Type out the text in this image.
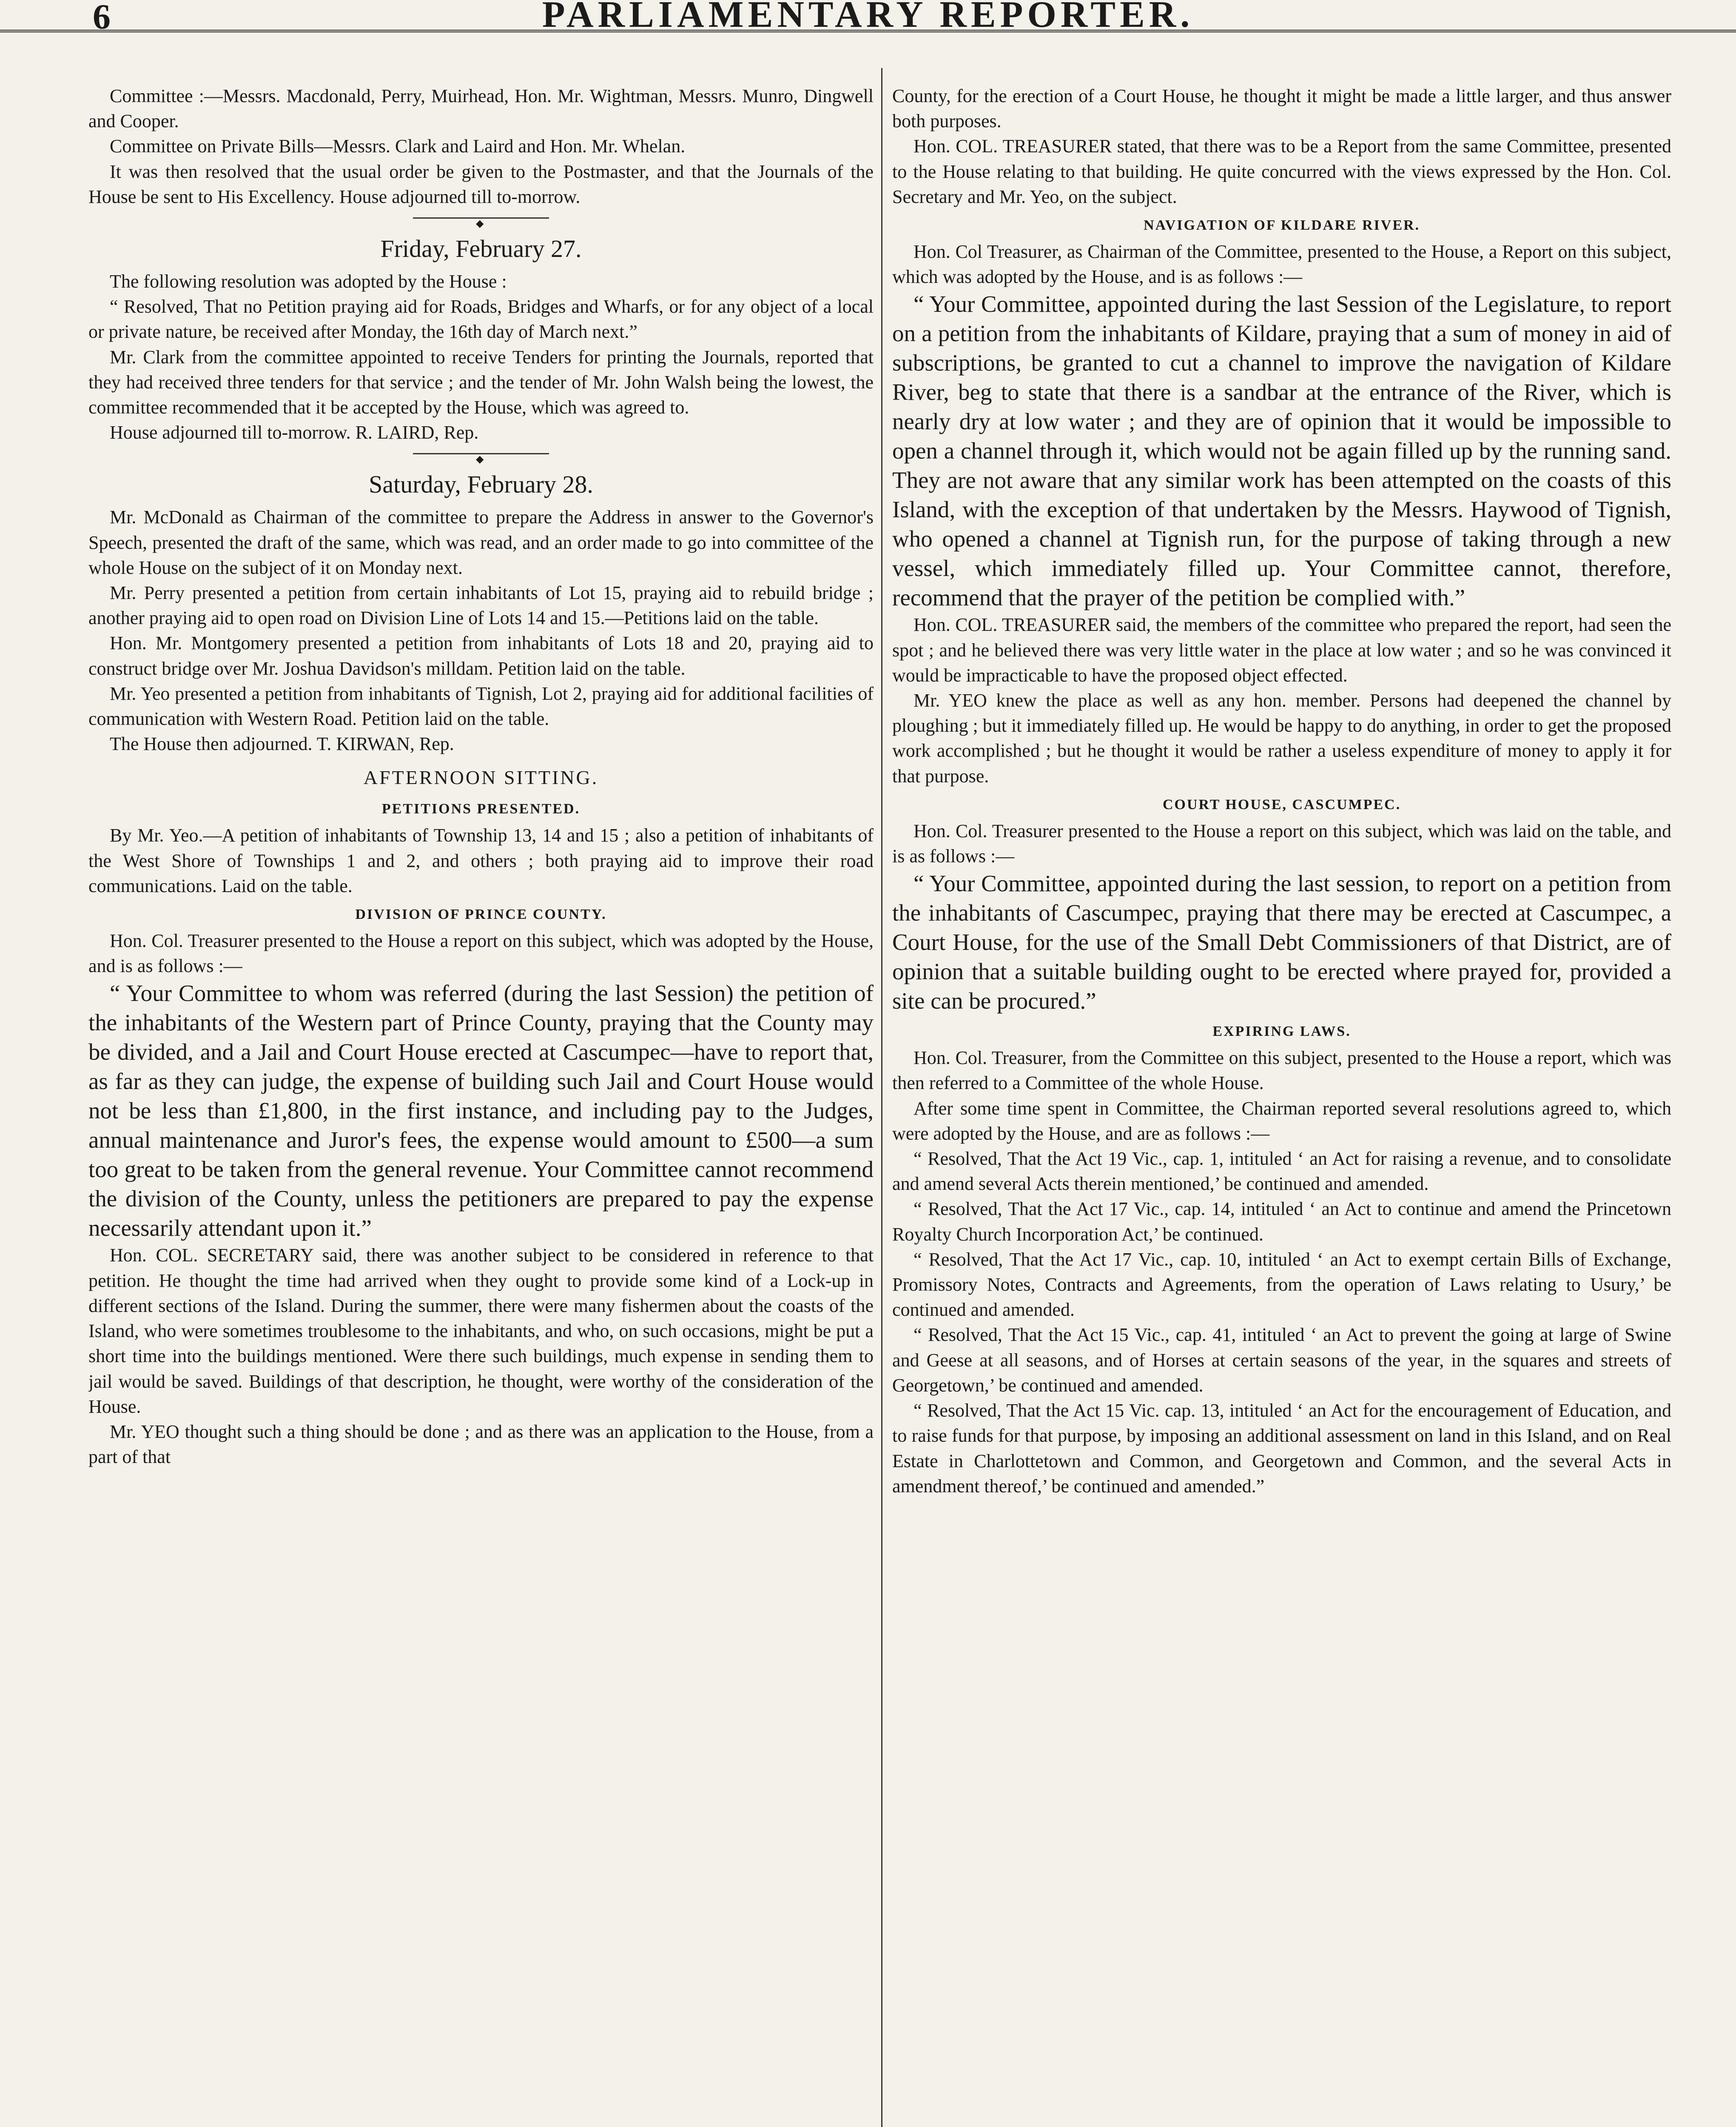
6	PARLIAMENTARY REPORTER.

Committee :—Messrs. Macdonald, Perry, Muirhead, Hon. Mr. Wightman, Messrs. Munro, Dingwell and Cooper.

Committee on Private Bills—Messrs. Clark and Laird and Hon. Mr. Whelan.

It was then resolved that the usual order be given to the Postmaster, and that the Journals of the House be sent to His Excellency. House adjourned till to-morrow.

◆
Friday, February 27.

The following resolution was adopted by the House :

“ Resolved, That no Petition praying aid for Roads, Bridges and Wharfs, or for any object of a local or private nature, be received after Monday, the 16th day of March next.”

Mr. Clark from the committee appointed to receive Tenders for printing the Journals, reported that they had received three tenders for that service ; and the tender of Mr. John Walsh being the lowest, the committee recommended that it be accepted by the House, which was agreed to.

House adjourned till to-morrow. R. LAIRD, Rep.

◆
Saturday, February 28.

Mr. McDonald as Chairman of the committee to prepare the Address in answer to the Governor's Speech, presented the draft of the same, which was read, and an order made to go into committee of the whole House on the subject of it on Monday next.

Mr. Perry presented a petition from certain inhabitants of Lot 15, praying aid to rebuild bridge ; another praying aid to open road on Division Line of Lots 14 and 15.—Petitions laid on the table.

Hon. Mr. Montgomery presented a petition from inhabitants of Lots 18 and 20, praying aid to construct bridge over Mr. Joshua Davidson's milldam. Petition laid on the table.

Mr. Yeo presented a petition from inhabitants of Tignish, Lot 2, praying aid for additional facilities of communication with Western Road. Petition laid on the table.

The House then adjourned. T. KIRWAN, Rep.

AFTERNOON SITTING.
PETITIONS PRESENTED.

By Mr. Yeo.—A petition of inhabitants of Township 13, 14 and 15 ; also a petition of inhabitants of the West Shore of Townships 1 and 2, and others ; both praying aid to improve their road communications. Laid on the table.

DIVISION OF PRINCE COUNTY.

Hon. Col. Treasurer presented to the House a report on this subject, which was adopted by the House, and is as follows :—

“ Your Committee to whom was referred (during the last Session) the petition of the inhabitants of the Western part of Prince County, praying that the County may be divided, and a Jail and Court House erected at Cascumpec—have to report that, as far as they can judge, the expense of building such Jail and Court House would not be less than £1,800, in the first instance, and including pay to the Judges, annual maintenance and Juror's fees, the expense would amount to £500—a sum too great to be taken from the general revenue. Your Committee cannot recommend the division of the County, unless the petitioners are prepared to pay the expense necessarily attendant upon it.”

Hon. COL. SECRETARY said, there was another subject to be considered in reference to that petition. He thought the time had arrived when they ought to provide some kind of a Lock-up in different sections of the Island. During the summer, there were many fishermen about the coasts of the Island, who were sometimes troublesome to the inhabitants, and who, on such occasions, might be put a short time into the buildings mentioned. Were there such buildings, much expense in sending them to jail would be saved. Buildings of that description, he thought, were worthy of the consideration of the House.

Mr. YEO thought such a thing should be done ; and as there was an application to the House, from a part of that

County, for the erection of a Court House, he thought it might be made a little larger, and thus answer both purposes.

Hon. COL. TREASURER stated, that there was to be a Report from the same Committee, presented to the House relating to that building. He quite concurred with the views expressed by the Hon. Col. Secretary and Mr. Yeo, on the subject.

NAVIGATION OF KILDARE RIVER.

Hon. Col Treasurer, as Chairman of the Committee, presented to the House, a Report on this subject, which was adopted by the House, and is as follows :—

“ Your Committee, appointed during the last Session of the Legislature, to report on a petition from the inhabitants of Kildare, praying that a sum of money in aid of subscriptions, be granted to cut a channel to improve the navigation of Kildare River, beg to state that there is a sandbar at the entrance of the River, which is nearly dry at low water ; and they are of opinion that it would be impossible to open a channel through it, which would not be again filled up by the running sand. They are not aware that any similar work has been attempted on the coasts of this Island, with the exception of that undertaken by the Messrs. Haywood of Tignish, who opened a channel at Tignish run, for the purpose of taking through a new vessel, which immediately filled up. Your Committee cannot, therefore, recommend that the prayer of the petition be complied with.”

Hon. COL. TREASURER said, the members of the committee who prepared the report, had seen the spot ; and he believed there was very little water in the place at low water ; and so he was convinced it would be impracticable to have the proposed object effected.

Mr. YEO knew the place as well as any hon. member. Persons had deepened the channel by ploughing ; but it immediately filled up. He would be happy to do anything, in order to get the proposed work accomplished ; but he thought it would be rather a useless expenditure of money to apply it for that purpose.

COURT HOUSE, CASCUMPEC.

Hon. Col. Treasurer presented to the House a report on this subject, which was laid on the table, and is as follows :—

“ Your Committee, appointed during the last session, to report on a petition from the inhabitants of Cascumpec, praying that there may be erected at Cascumpec, a Court House, for the use of the Small Debt Commissioners of that District, are of opinion that a suitable building ought to be erected where prayed for, provided a site can be procured.”

EXPIRING LAWS.

Hon. Col. Treasurer, from the Committee on this subject, presented to the House a report, which was then referred to a Committee of the whole House.

After some time spent in Committee, the Chairman reported several resolutions agreed to, which were adopted by the House, and are as follows :—

“ Resolved, That the Act 19 Vic., cap. 1, intituled ‘ an Act for raising a revenue, and to consolidate and amend several Acts therein mentioned,’ be continued and amended.

“ Resolved, That the Act 17 Vic., cap. 14, intituled ‘ an Act to continue and amend the Princetown Royalty Church Incorporation Act,’ be continued.

“ Resolved, That the Act 17 Vic., cap. 10, intituled ‘ an Act to exempt certain Bills of Exchange, Promissory Notes, Contracts and Agreements, from the operation of Laws relating to Usury,’ be continued and amended.

“ Resolved, That the Act 15 Vic., cap. 41, intituled ‘ an Act to prevent the going at large of Swine and Geese at all seasons, and of Horses at certain seasons of the year, in the squares and streets of Georgetown,’ be continued and amended.

“ Resolved, That the Act 15 Vic. cap. 13, intituled ‘ an Act for the encouragement of Education, and to raise funds for that purpose, by imposing an additional assessment on land in this Island, and on Real Estate in Charlottetown and Common, and Georgetown and Common, and the several Acts in amendment thereof,’ be continued and amended.”
